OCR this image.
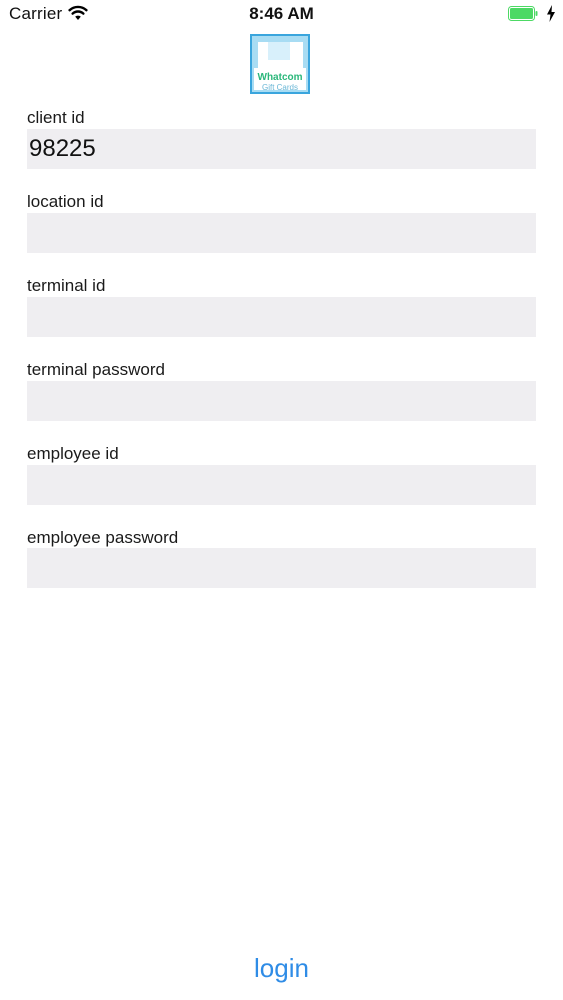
Carrier	8:46 AM
Whatcom
Gift Cards
client id
98225
location id
terminal id
terminal password
employee id
employee password
login
